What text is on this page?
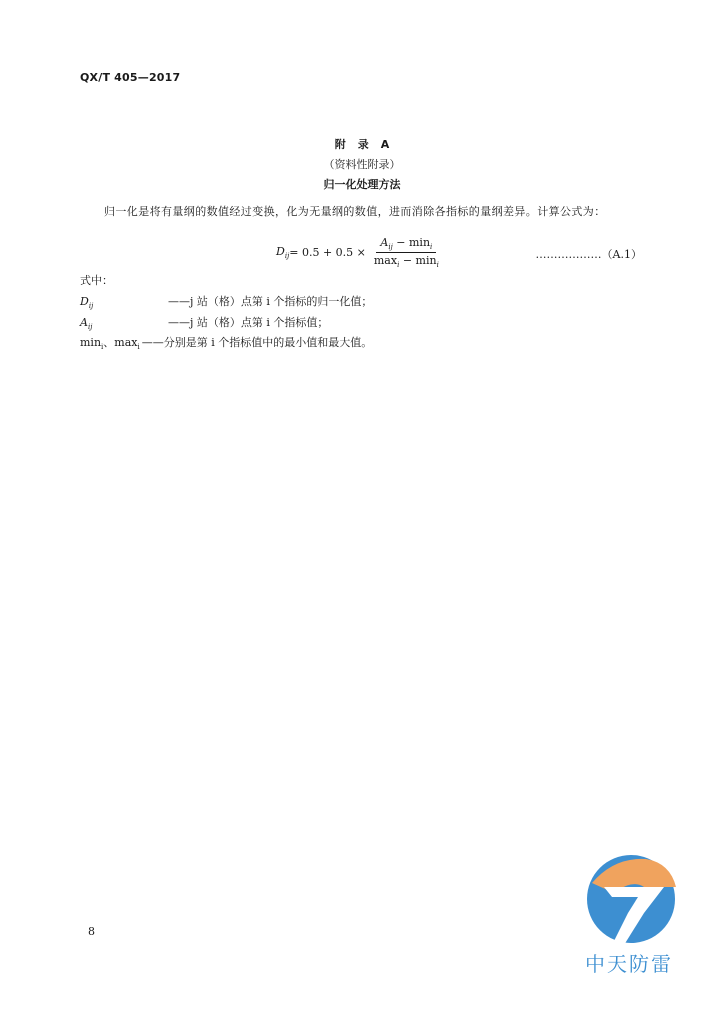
QX/T 405—2017
附 录 A
（资料性附录）
归一化处理方法
归一化是将有量纲的数值经过变换，化为无量纲的数值，进而消除各指标的量纲差异。计算公式为：
$D_{ij} = 0.5 + 0.5 \times \frac{A_{ij} - \min_i}{\max_i - \min_i}$	………………（A.1）
式中：
$D_{ij}$	——j 站（格）点第 i 个指标的归一化值；
$A_{ij}$	——j 站（格）点第 i 个指标值；
$\min_i$、$\max_i$ ——分别是第 i 个指标值中的最小值和最大值。
8
中天防雷
